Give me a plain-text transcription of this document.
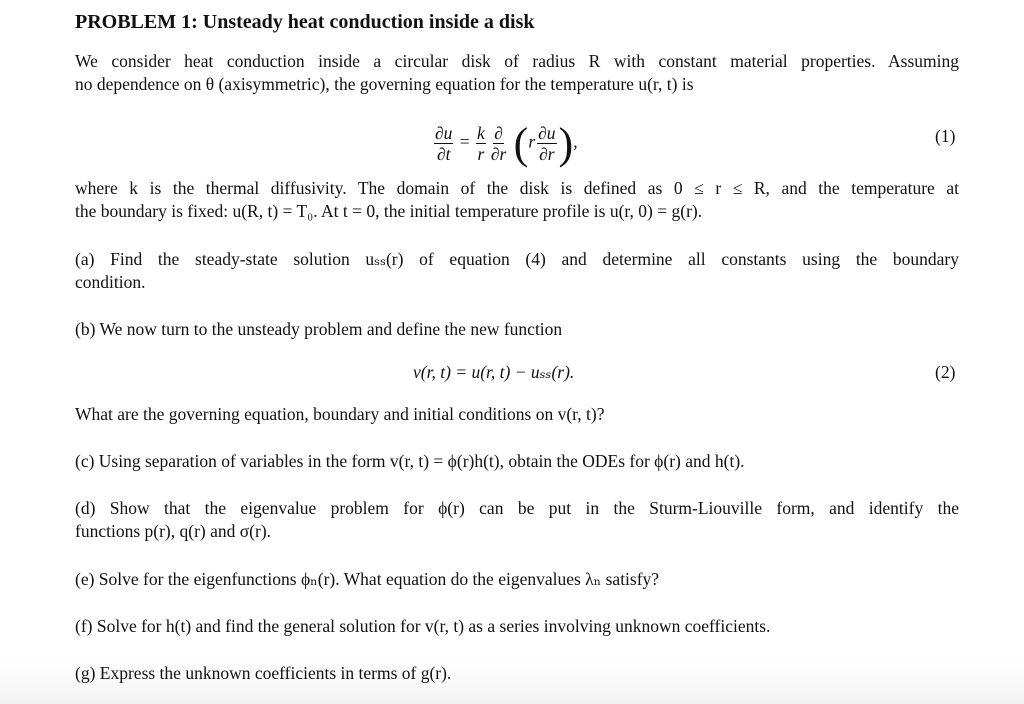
PROBLEM 1: Unsteady heat conduction inside a disk
We consider heat conduction inside a circular disk of radius R with constant material properties. Assuming
no dependence on θ (axisymmetric), the governing equation for the temperature u(r, t) is
$\frac{\partial u}{\partial t} = \frac{k}{r} \frac{\partial}{\partial r} (r \frac{\partial u}{\partial r}$ ),	(1)
where k is the thermal diffusivity. The domain of the disk is defined as 0 ≤ r ≤ R, and the temperature at
the boundary is fixed: u(R, t) = T₀. At t = 0, the initial temperature profile is u(r, 0) = g(r).
(a) Find the steady-state solution uₛₛ(r) of equation (4) and determine all constants using the boundary
condition.
(b) We now turn to the unsteady problem and define the new function
v(r, t) = u(r, t) − uₛₛ(r).	(2)
What are the governing equation, boundary and initial conditions on v(r, t)?
(c) Using separation of variables in the form v(r, t) = ϕ(r)h(t), obtain the ODEs for ϕ(r) and h(t).
(d) Show that the eigenvalue problem for ϕ(r) can be put in the Sturm-Liouville form, and identify the
functions p(r), q(r) and σ(r).
(e) Solve for the eigenfunctions ϕₙ(r). What equation do the eigenvalues λₙ satisfy?
(f) Solve for h(t) and find the general solution for v(r, t) as a series involving unknown coefficients.
(g) Express the unknown coefficients in terms of g(r).
